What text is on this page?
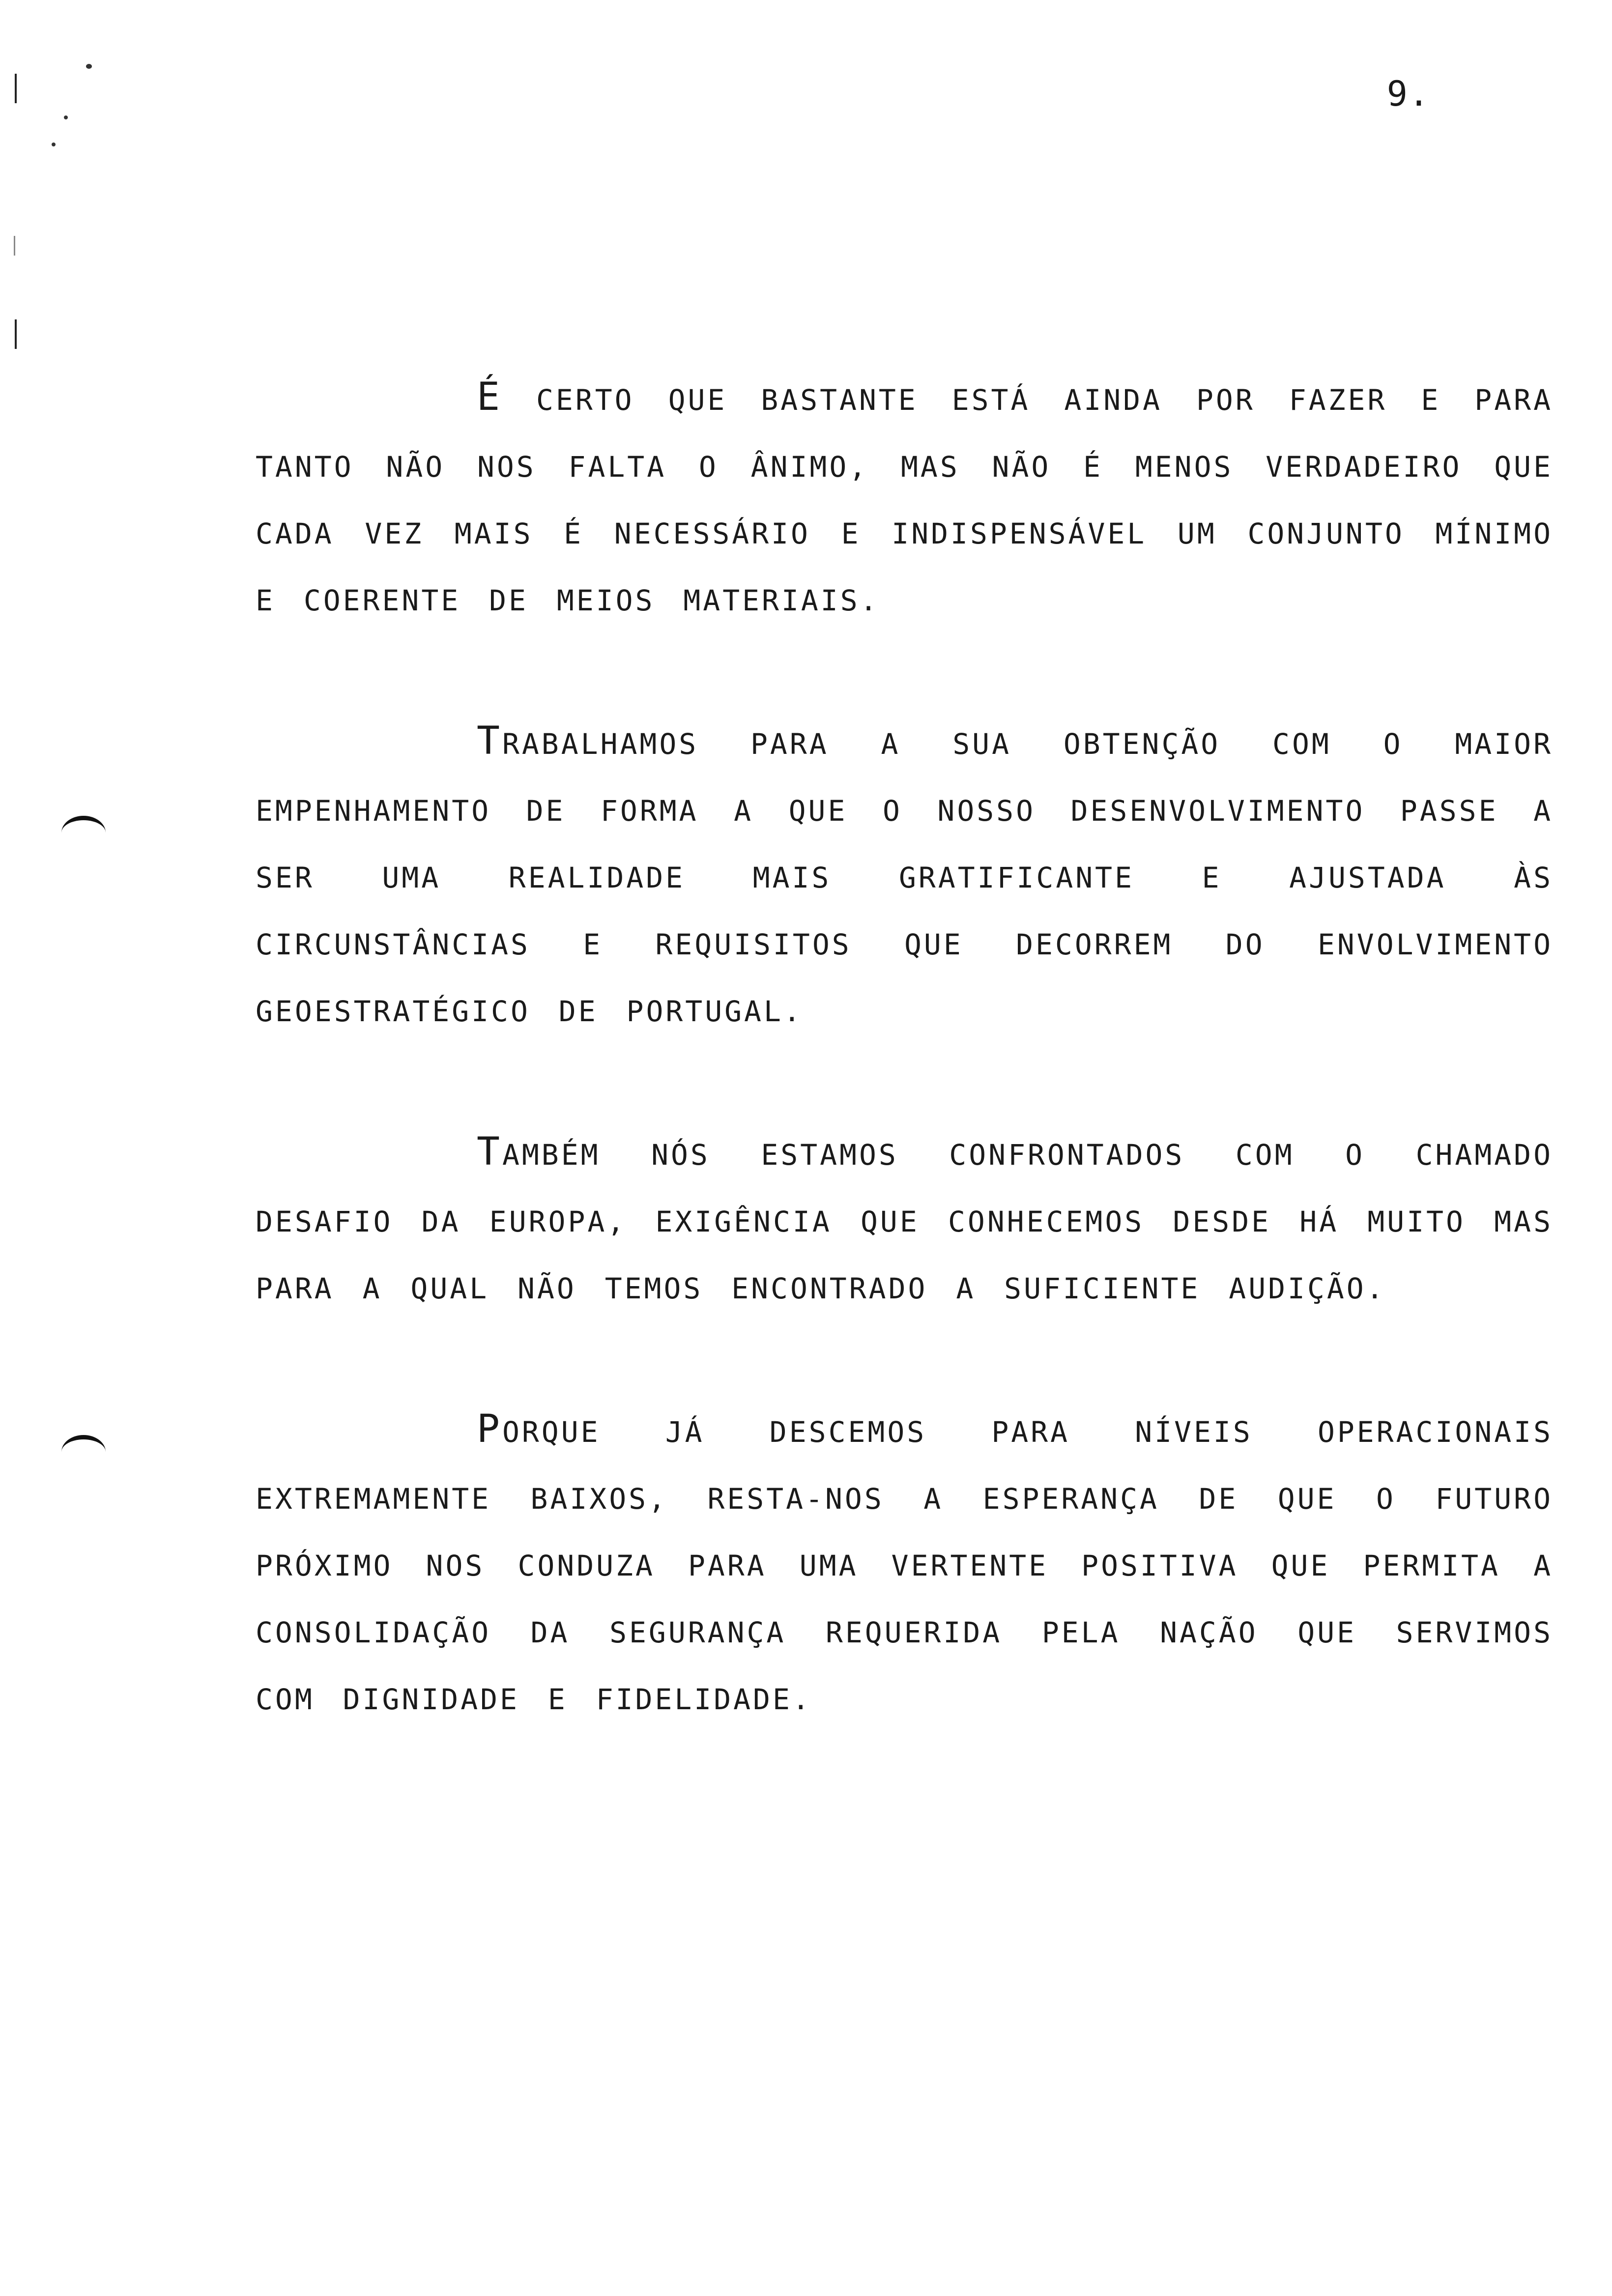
9.

É CERTO QUE BASTANTE ESTÁ AINDA POR FAZER E PARA TANTO NÃO NOS FALTA O ÂNIMO, MAS NÃO É MENOS VERDADEIRO QUE CADA VEZ MAIS É NECESSÁRIO E INDISPENSÁVEL UM CONJUNTO MÍNIMO E COERENTE DE MEIOS MATERIAIS.

TRABALHAMOS PARA A SUA OBTENÇÃO COM O MAIOR EMPENHAMENTO DE FORMA A QUE O NOSSO DESENVOLVIMENTO PASSE A SER UMA REALIDADE MAIS GRATIFICANTE E AJUSTADA ÀS CIRCUNSTÂNCIAS E REQUISITOS QUE DECORREM DO ENVOLVIMENTO GEOESTRATÉGICO DE PORTUGAL.

TAMBÉM NÓS ESTAMOS CONFRONTADOS COM O CHAMADO DESAFIO DA EUROPA, EXIGÊNCIA QUE CONHECEMOS DESDE HÁ MUITO MAS PARA A QUAL NÃO TEMOS ENCONTRADO A SUFICIENTE AUDIÇÃO.

PORQUE JÁ DESCEMOS PARA NÍVEIS OPERACIONAIS EXTREMAMENTE BAIXOS, RESTA-NOS A ESPERANÇA DE QUE O FUTURO PRÓXIMO NOS CONDUZA PARA UMA VERTENTE POSITIVA QUE PERMITA A CONSOLIDAÇÃO DA SEGURANÇA REQUERIDA PELA NAÇÃO QUE SERVIMOS COM DIGNIDADE E FIDELIDADE.
